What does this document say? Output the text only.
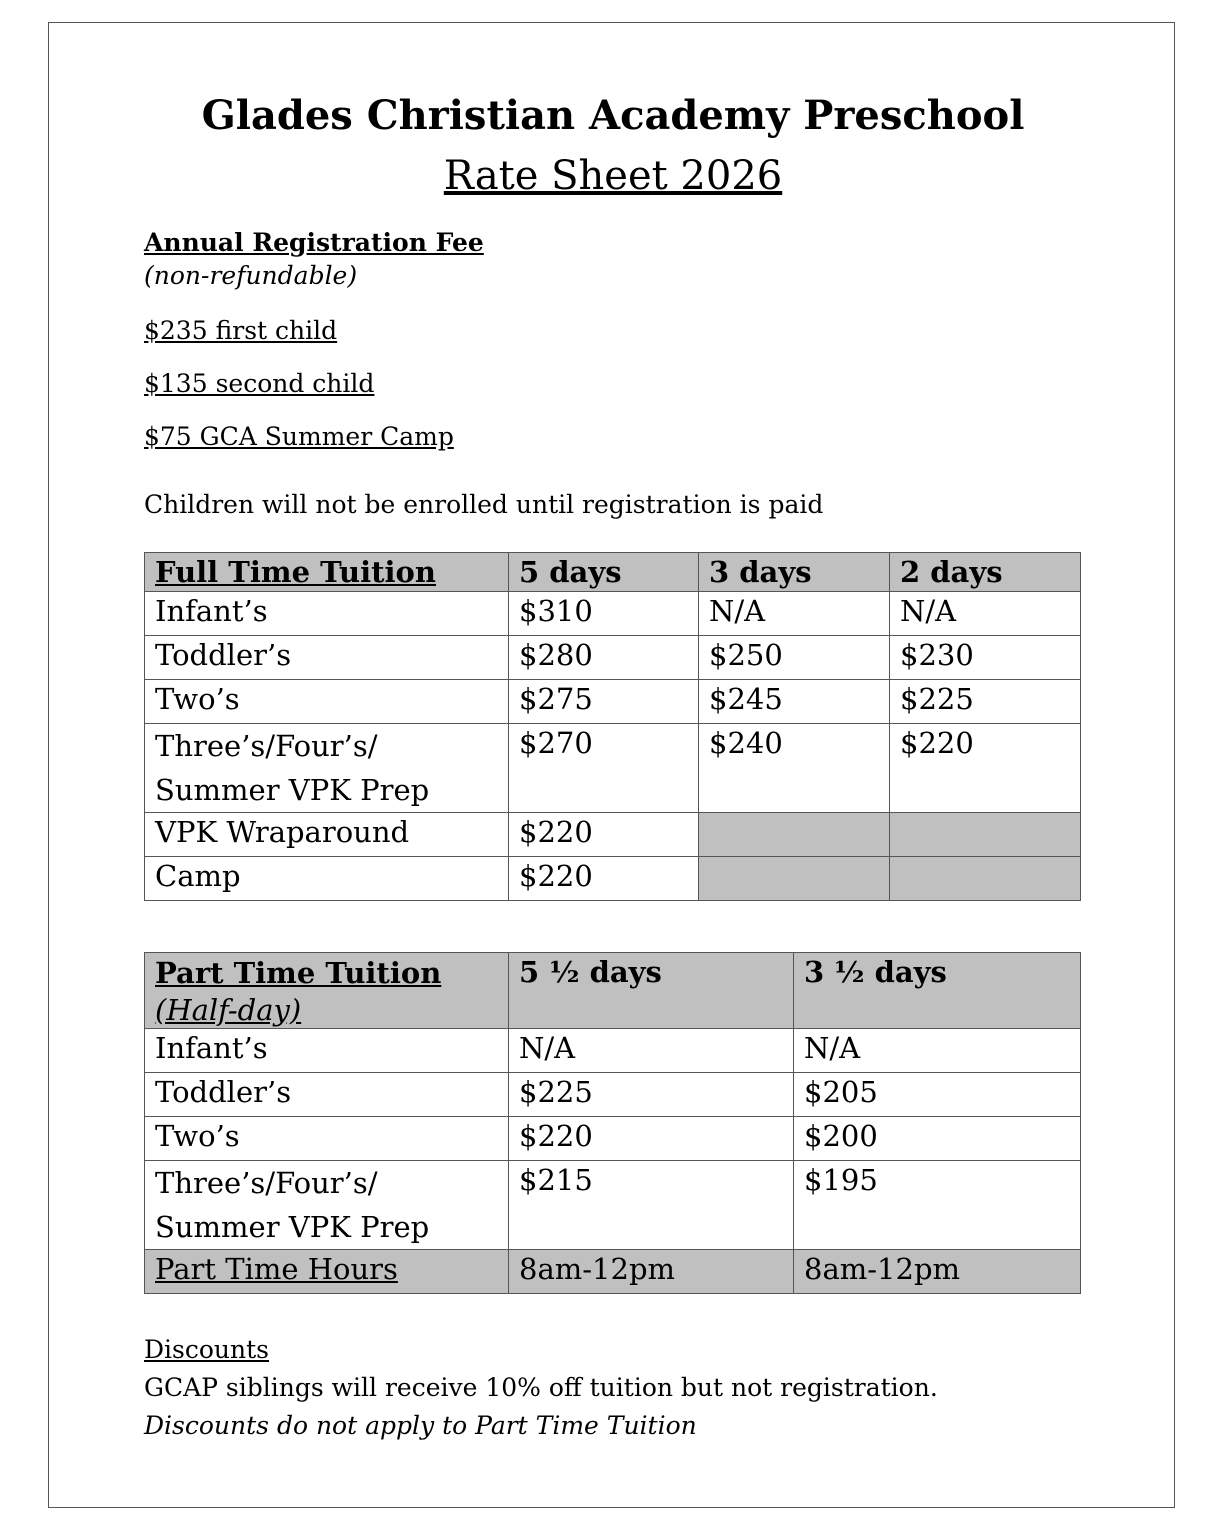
Glades Christian Academy Preschool
Rate Sheet 2026
Annual Registration Fee
(non-refundable)
$235 first child
$135 second child
$75 GCA Summer Camp
Children will not be enrolled until registration is paid
Full Time Tuition	5 days	3 days	2 days
Infant’s	$310	N/A	N/A
Toddler’s	$280	$250	$230
Two’s	$275	$245	$225

Three’s/Four’s/
Summer VPK Prep	$270	$240	$220
VPK Wraparound	$220		
Camp	$220		
Part Time Tuition
(Half-day)	5 ½ days	3 ½ days
Infant’s	N/A	N/A
Toddler’s	$225	$205
Two’s	$220	$200

Three’s/Four’s/
Summer VPK Prep	$215	$195
Part Time Hours	8am-12pm	8am-12pm
Discounts
GCAP siblings will receive 10% off tuition but not registration.
Discounts do not apply to Part Time Tuition
